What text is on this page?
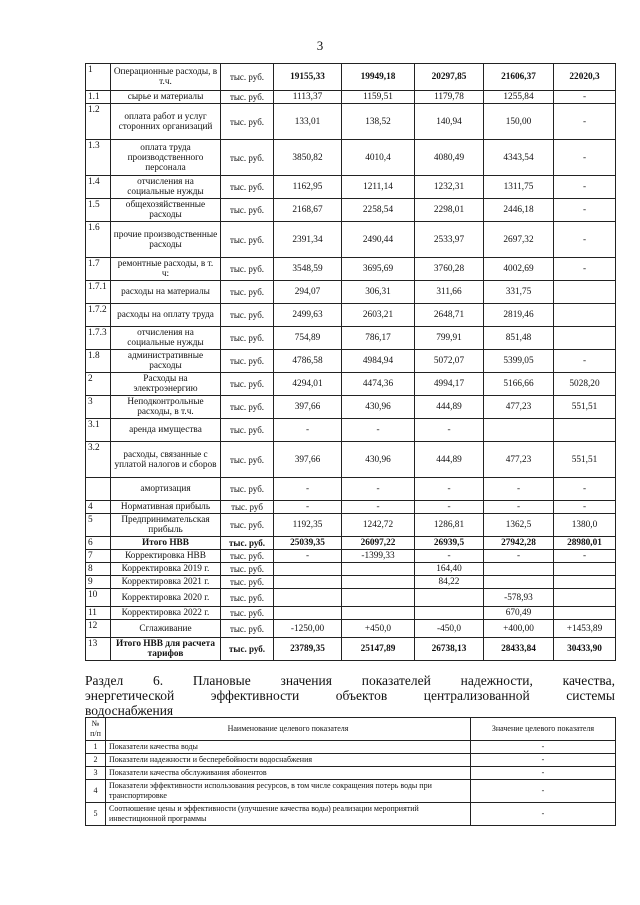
3
1	Операционные расходы, в т.ч.	тыс. руб.	19155,33	19949,18	20297,85	21606,37	22020,3
1.1	сырье и материалы	тыс. руб.	1113,37	1159,51	1179,78	1255,84	-
1.2	оплата работ и услуг сторонних организаций	тыс. руб.	133,01	138,52	140,94	150,00	-
1.3	оплата труда производственного персонала	тыс. руб.	3850,82	4010,4	4080,49	4343,54	-
1.4	отчисления на социальные нужды	тыс. руб.	1162,95	1211,14	1232,31	1311,75	-
1.5	общехозяйственные расходы	тыс. руб.	2168,67	2258,54	2298,01	2446,18	-
1.6	прочие производственные расходы	тыс. руб.	2391,34	2490,44	2533,97	2697,32	-
1.7	ремонтные расходы, в т. ч:	тыс. руб.	3548,59	3695,69	3760,28	4002,69	-
1.7.1	расходы на материалы	тыс. руб.	294,07	306,31	311,66	331,75	
1.7.2	расходы на оплату труда	тыс. руб.	2499,63	2603,21	2648,71	2819,46	
1.7.3	отчисления на социальные нужды	тыс. руб.	754,89	786,17	799,91	851,48	
1.8	административные расходы	тыс. руб.	4786,58	4984,94	5072,07	5399,05	-
2	Расходы на электроэнергию	тыс. руб.	4294,01	4474,36	4994,17	5166,66	5028,20
3	Неподконтрольные расходы, в т.ч.	тыс. руб.	397,66	430,96	444,89	477,23	551,51
3.1	аренда имущества	тыс. руб.	-	-	-		
3.2	расходы, связанные с уплатой налогов и сборов	тыс. руб.	397,66	430,96	444,89	477,23	551,51
	амортизация	тыс. руб.	-	-	-	-	-
4	Нормативная прибыль	тыс. руб	-	-	-	-	-
5	Предпринимательская прибыль	тыс. руб.	1192,35	1242,72	1286,81	1362,5	1380,0
6	Итого НВВ	тыс. руб.	25039,35	26097,22	26939,5	27942,28	28980,01
7	Корректировка НВВ	тыс. руб.	-	-1399,33	-	-	-
8	Корректировка 2019 г.	тыс. руб.			164,40		
9	Корректировка 2021 г.	тыс. руб.			84,22		
10	Корректировка 2020 г.	тыс. руб.				-578,93	
11	Корректировка 2022 г.	тыс. руб.				670,49	
12	Сглаживание	тыс. руб.	-1250,00	+450,0	-450,0	+400,00	+1453,89
13	Итого НВВ для расчета тарифов	тыс. руб.	23789,35	25147,89	26738,13	28433,84	30433,90
Раздел 6. Плановые значения показателей надежности, качества,
энергетической эффективности объектов централизованной системы
водоснабжения
№ п/п	Наименование целевого показателя	Значение целевого показателя
1	Показатели качества воды	-
2	Показатели надежности и бесперебойности водоснабжения	-
3	Показатели качества обслуживания абонентов	-
4	Показатели эффективности использования ресурсов, в том числе сокращения потерь воды при транспортировке	-
5	Соотношение цены и эффективности (улучшение качества воды) реализации мероприятий инвестиционной программы	-
